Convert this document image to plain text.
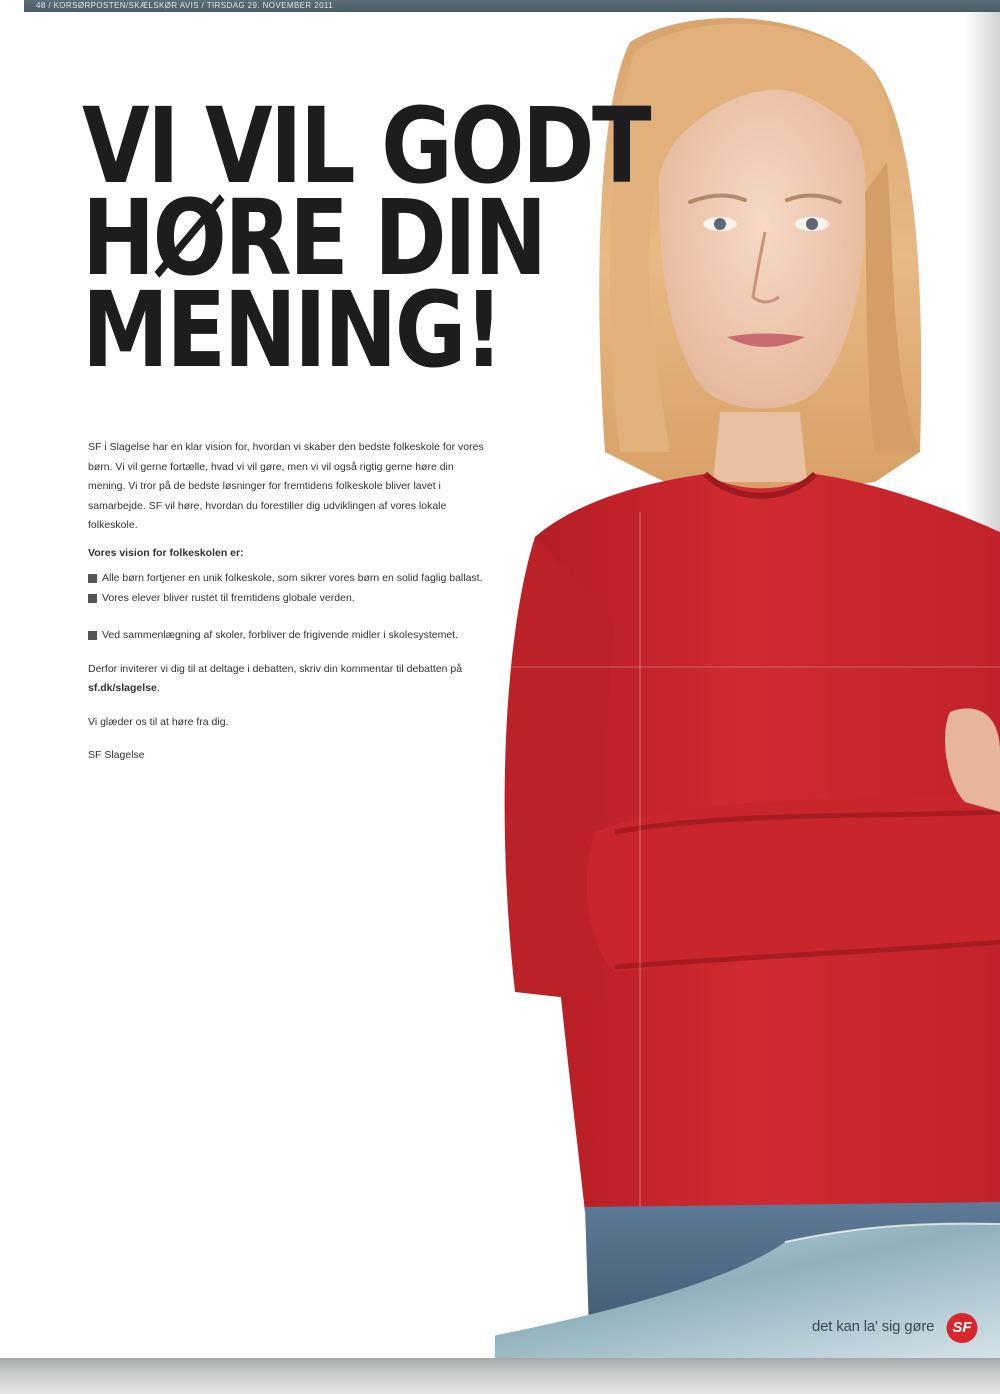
48 / KORSØRPOSTEN/SKÆLSKØR AVIS / TIRSDAG 29. NOVEMBER 2011
VI VIL GODT
HØRE DIN
MENING!

SF i Slagelse har en klar vision for, hvordan vi skaber den bedste folkeskole for vores børn. Vi vil gerne fortælle, hvad vi vil gøre, men vi vil også rigtig gerne høre din mening. Vi tror på de bedste løsninger for fremtidens folkeskole bliver lavet i samarbejde. SF vil høre, hvordan du forestiller dig udviklingen af vores lokale folkeskole.

Vores vision for folkeskolen er:

Alle børn fortjener en unik folkeskole, som sikrer vores børn en solid faglig ballast.
Vores elever bliver rustet til fremtidens globale verden.
Ved sammenlægning af skoler, forbliver de frigivende midler i skolesystemet.

Derfor inviterer vi dig til at deltage i debatten, skriv din kommentar til debatten på sf.dk/slagelse.

Vi glæder os til at høre fra dig.

SF Slagelse

det kan la' sig gøre	SF
